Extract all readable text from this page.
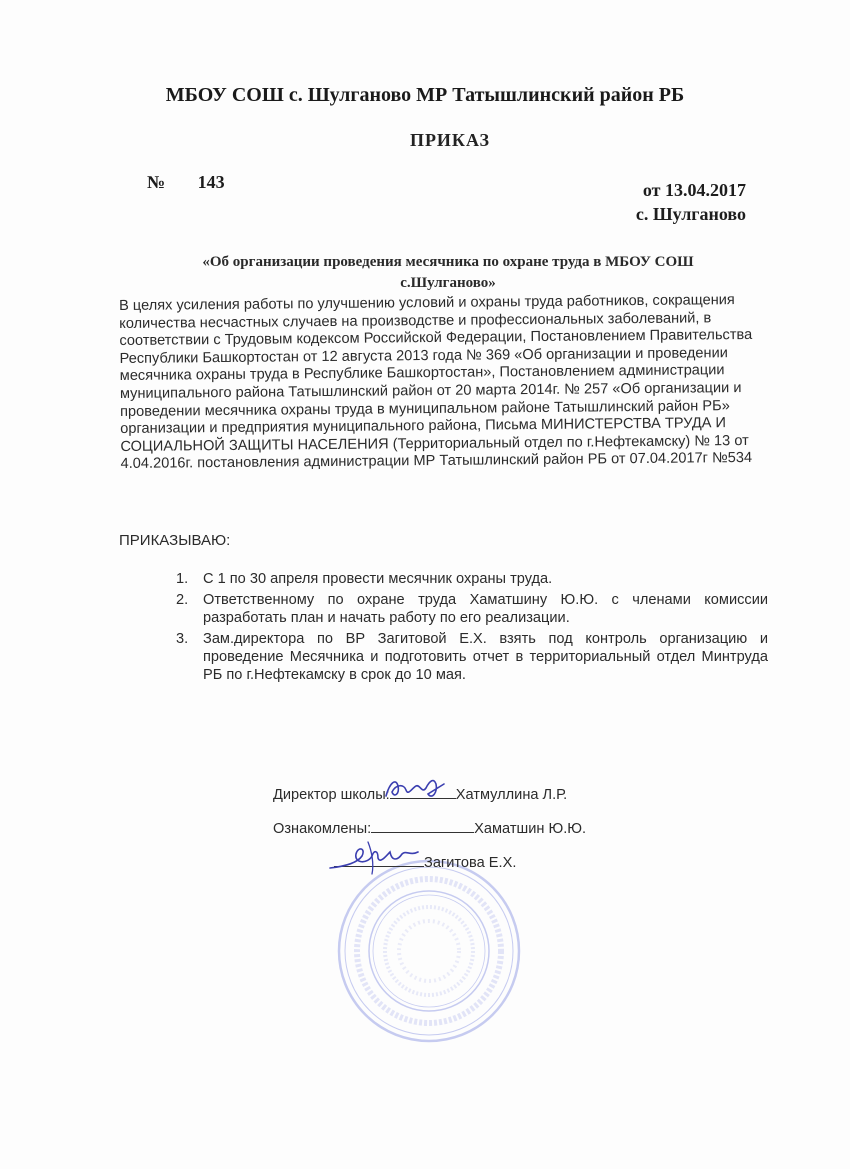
МБОУ СОШ с. Шулганово МР Татышлинский район РБ
ПРИКАЗ
№ 143	от 13.04.2017
с. Шулганово
«Об организации проведения месячника по охране труда в МБОУ СОШ
с.Шулганово»
В целях усиления работы по улучшению условий и охраны труда работников, сокращения количества несчастных случаев на производстве и профессиональных заболеваний, в соответствии с Трудовым кодексом Российской Федерации, Постановлением Правительства Республики Башкортостан от 12 августа 2013 года № 369 «Об организации и проведении месячника охраны труда в Республике Башкортостан», Постановлением администрации муниципального района Татышлинский район от 20 марта 2014г. № 257 «Об организации и проведении месячника охраны труда в муниципальном районе Татышлинский район РБ» организации и предприятия муниципального района, Письма МИНИСТЕРСТВА ТРУДА И СОЦИАЛЬНОЙ ЗАЩИТЫ НАСЕЛЕНИЯ (Территориальный отдел по г.Нефтекамску) № 13 от 4.04.2016г. постановления администрации МР Татышлинский район РБ от 07.04.2017г №534
ПРИКАЗЫВАЮ:
1. С 1 по 30 апреля провести месячник охраны труда.
2. Ответственному по охране труда Хаматшину Ю.Ю. с членами комиссии разработать план и начать работу по его реализации.
3. Зам.директора по ВР Загитовой Е.Х. взять под контроль организацию и проведение Месячника и подготовить отчет в территориальный отдел Минтруда РБ по г.Нефтекамску в срок до 10 мая.
Директор школы:	Хатмуллина Л.Р.
Ознакомлены:	Хаматшин Ю.Ю.
Загитова Е.Х.
